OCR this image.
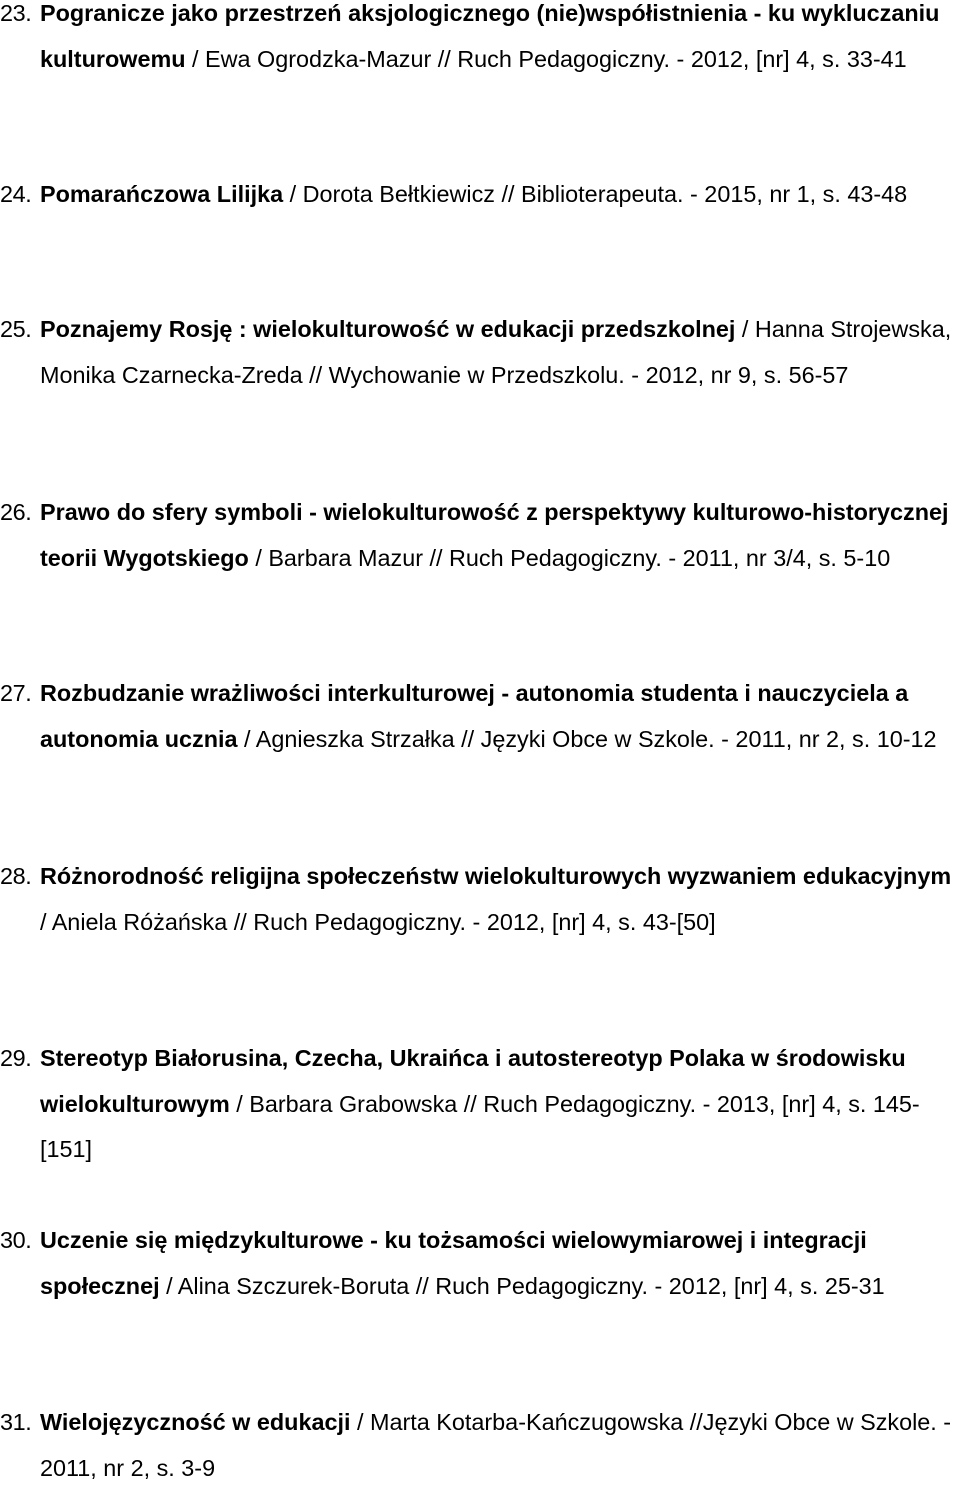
23. Pogranicze jako przestrzeń aksjologicznego (nie)współistnienia - ku wykluczaniu kulturowemu / Ewa Ogrodzka-Mazur // Ruch Pedagogiczny. - 2012, [nr] 4, s. 33-41
24. Pomarańczowa Lilijka / Dorota Bełtkiewicz // Biblioterapeuta. - 2015, nr 1, s. 43-48
25. Poznajemy Rosję : wielokulturowość w edukacji przedszkolnej / Hanna Strojewska, Monika Czarnecka-Zreda // Wychowanie w Przedszkolu. - 2012, nr 9, s. 56-57
26. Prawo do sfery symboli - wielokulturowość z perspektywy kulturowo-historycznej teorii Wygotskiego / Barbara Mazur // Ruch Pedagogiczny. - 2011, nr 3/4, s. 5-10
27. Rozbudzanie wrażliwości interkulturowej - autonomia studenta i nauczyciela a autonomia ucznia / Agnieszka Strzałka // Języki Obce w Szkole. - 2011, nr 2, s. 10-12
28. Różnorodność religijna społeczeństw wielokulturowych wyzwaniem edukacyjnym / Aniela Różańska // Ruch Pedagogiczny. - 2012, [nr] 4, s. 43-[50]
29. Stereotyp Białorusina, Czecha, Ukraińca i autostereotyp Polaka w środowisku wielokulturowym / Barbara Grabowska // Ruch Pedagogiczny. - 2013, [nr] 4, s. 145-[151]
30. Uczenie się międzykulturowe - ku tożsamości wielowymiarowej i integracji społecznej / Alina Szczurek-Boruta // Ruch Pedagogiczny. - 2012, [nr] 4, s. 25-31
31. Wielojęzyczność w edukacji / Marta Kotarba-Kańczugowska //Języki Obce w Szkole. - 2011, nr 2, s. 3-9
